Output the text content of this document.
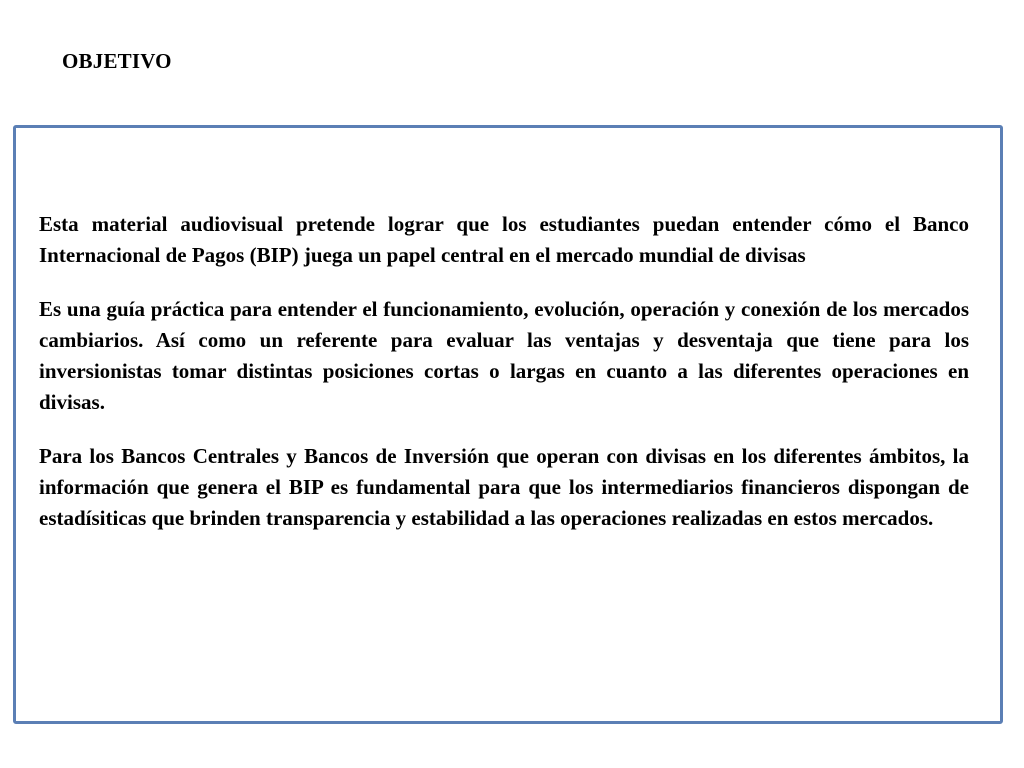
OBJETIVO

Esta material audiovisual pretende lograr que los estudiantes puedan entender cómo el Banco Internacional de Pagos (BIP) juega un papel central en el mercado mundial de divisas

Es una guía práctica para entender el funcionamiento, evolución, operación y conexión de los mercados cambiarios. Así como un referente para evaluar las ventajas y desventaja que tiene para los inversionistas tomar distintas posiciones cortas o largas en cuanto a las diferentes operaciones en divisas.

Para los Bancos Centrales y Bancos de Inversión que operan con divisas en los diferentes ámbitos, la información que genera el BIP es fundamental para que los intermediarios financieros dispongan de estadísiticas que brinden transparencia y estabilidad a las operaciones realizadas en estos mercados.
